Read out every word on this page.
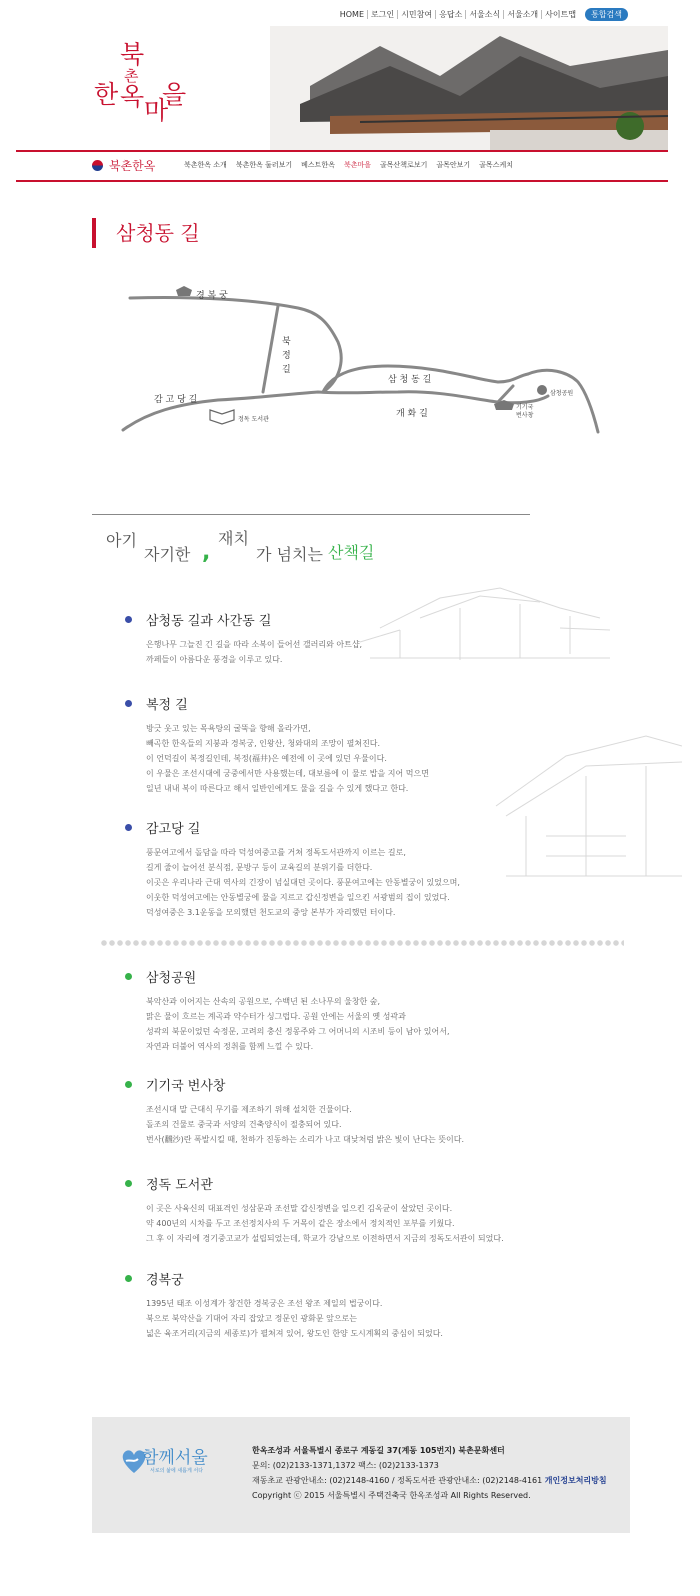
HOME 로그인 시민참여 응답소 서울소식 서울소개 사이트맵	통합검색
북
촌
한 옥 마
을
북촌한옥	북촌한옥 소개 북촌한옥 둘러보기 베스트한옥 북촌마을 골목산책로보기 골목안보기 골목스케치
삼청동 길
경 복 궁
북
정
길
삼 청 동 길
감 고 당 길
개 화 길
정독 도서관
기기국
번사창
삼청공원
아기
자기한 ,
재치
가 넘치는 산책길
삼청동 길과 사간동 길
은행나무 그늘진 긴 길을 따라 소복이 들어선 갤러리와 아트샵,
까페들이 아름다운 풍경을 이루고 있다.
복정 길
방긋 웃고 있는 목욕탕의 굴뚝을 향해 올라가면,
빼곡한 한옥들의 지붕과 경복궁, 인왕산, 청와대의 조망이 펼쳐진다.
이 언덕길이 복정길인데, 복정(福井)은 예전에 이 곳에 있던 우물이다.
이 우물은 조선시대에 궁중에서만 사용했는데, 대보름에 이 물로 밥을 지어 먹으면
일년 내내 복이 따른다고 해서 일반인에게도 물을 길을 수 있게 했다고 한다.
감고당 길
풍문여고에서 돌담을 따라 덕성여중고를 거쳐 정독도서관까지 이르는 길로,
길게 줄이 늘어선 분식점, 문방구 등이 교육길의 분위기를 더한다.
이곳은 우리나라 근대 역사의 긴장이 넘실대던 곳이다. 풍문여고에는 안동별궁이 있었으며,
이웃한 덕성여고에는 안동별궁에 물을 지르고 갑신정변을 일으킨 서광범의 집이 있었다.
덕성여중은 3.1운동을 모의했던 천도교의 중앙 본부가 자리했던 터이다.
삼청공원
북악산과 이어지는 산속의 공원으로, 수백년 된 소나무의 울창한 숲,
맑은 물이 흐르는 계곡과 약수터가 싱그럽다. 공원 안에는 서울의 옛 성곽과
성곽의 북문이었던 숙정문, 고려의 충신 정몽주와 그 어머니의 시조비 등이 남아 있어서,
자연과 더불어 역사의 정취를 함께 느낄 수 있다.
기기국 번사창
조선시대 말 근대식 무기를 제조하기 위해 설치한 건물이다.
돌조의 건물로 중국과 서양의 건축양식이 절충되어 있다.
번사(飜沙)란 폭발시킬 때, 천하가 진동하는 소리가 나고 대낮처럼 밝은 빛이 난다는 뜻이다.
정독 도서관
이 곳은 사육신의 대표격인 성삼문과 조선말 갑신정변을 일으킨 김옥균이 살았던 곳이다.
약 400년의 시차를 두고 조선정치사의 두 거목이 같은 장소에서 정치적인 포부를 키웠다.
그 후 이 자리에 경기중고교가 설립되었는데, 학교가 강남으로 이전하면서 지금의 정독도서관이 되었다.
경복궁
1395년 태조 이성계가 창건한 경복궁은 조선 왕조 제일의 법궁이다.
북으로 북악산을 기대어 자리 잡았고 정문인 광화문 앞으로는
넓은 육조거리(지금의 세종로)가 펼쳐져 있어, 왕도인 한양 도시계획의 중심이 되었다.
함께서울
서로의 삶에 새롭게 서다
한옥조성과 서울특별시 종로구 계동길 37(계동 105번지) 북촌문화센터
문의: (02)2133-1371,1372 팩스: (02)2133-1373
재동초교 관광안내소: (02)2148-4160 / 정독도서관 관광안내소: (02)2148-4161 개인정보처리방침
Copyright ⓒ 2015 서울특별시 주택건축국 한옥조성과 All Rights Reserved.
